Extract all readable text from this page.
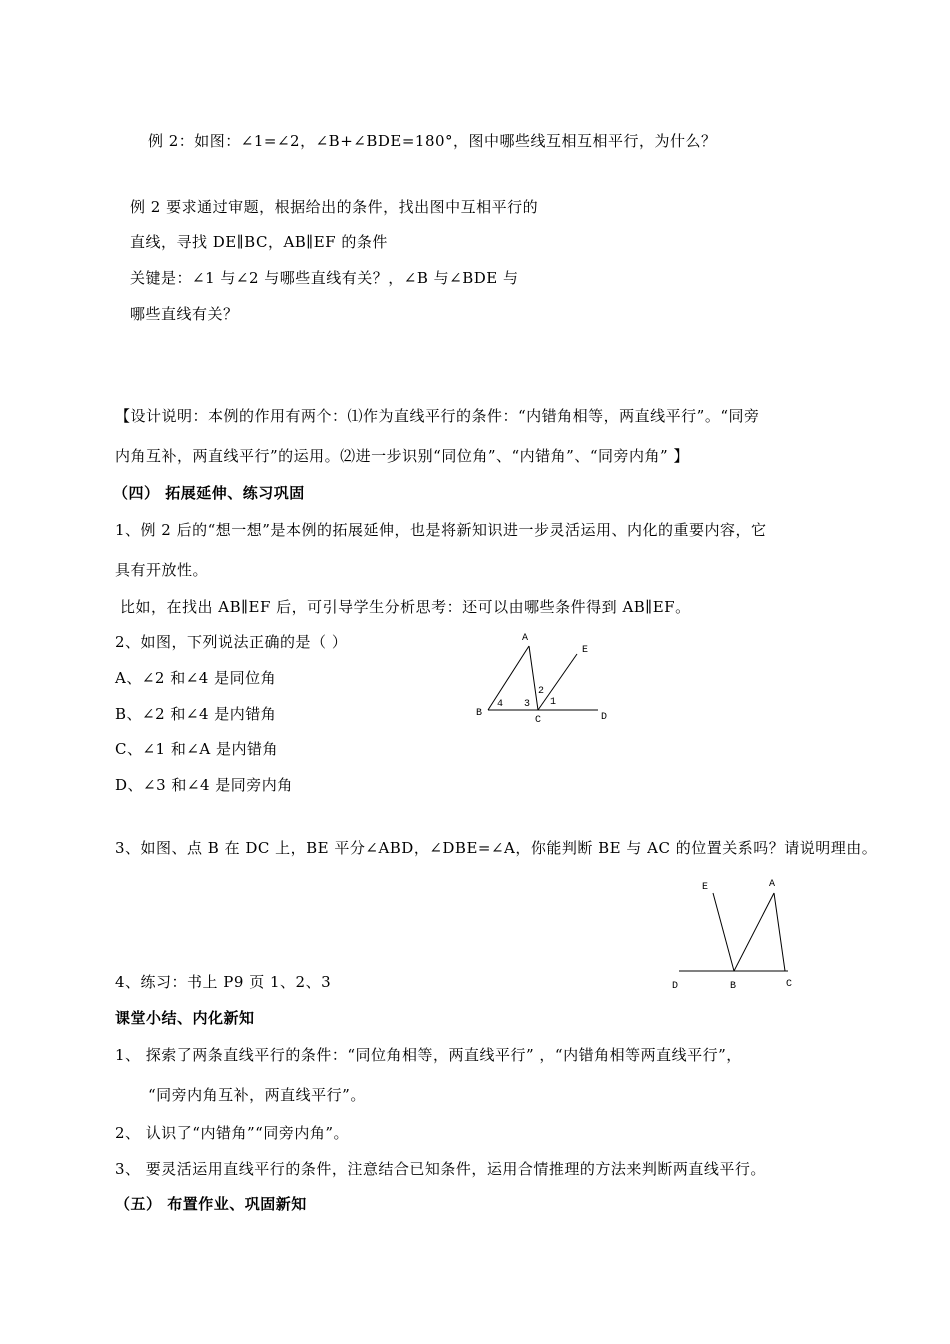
例 2：如图：∠1=∠2，∠B+∠BDE=180°，图中哪些线互相互相平行，为什么？
例 2 要求通过审题，根据给出的条件，找出图中互相平行的
直线，寻找 DE∥BC，AB∥EF 的条件
关键是：∠1 与∠2 与哪些直线有关？，∠B 与∠BDE 与
哪些直线有关？
【设计说明：本例的作用有两个：⑴作为直线平行的条件：“内错角相等，两直线平行”。“同旁
内角互补，两直线平行”的运用。⑵进一步识别“同位角”、“内错角”、“同旁内角” 】
（四） 拓展延伸、练习巩固
1、例 2 后的“想一想”是本例的拓展延伸，也是将新知识进一步灵活运用、内化的重要内容，它
具有开放性。
比如，在找出 AB∥EF 后，可引导学生分析思考：还可以由哪些条件得到 AB∥EF。
2、如图，下列说法正确的是（ ）
A、∠2 和∠4 是同位角
B、∠2 和∠4 是内错角
C、∠1 和∠A 是内错角
D、∠3 和∠4 是同旁内角
A
E
B
C	D
2
1
3
4
3、如图、点 B 在 DC 上，BE 平分∠ABD，∠DBE=∠A，你能判断 BE 与 AC 的位置关系吗？请说明理由。
E	A
D	B	C
4、练习：书上 P9 页 1、2、3
课堂小结、内化新知
1、 探索了两条直线平行的条件：“同位角相等，两直线平行” ，“内错角相等两直线平行”，
“同旁内角互补，两直线平行”。
2、 认识了“内错角”“同旁内角”。
3、 要灵活运用直线平行的条件，注意结合已知条件，运用合情推理的方法来判断两直线平行。
（五） 布置作业、巩固新知
